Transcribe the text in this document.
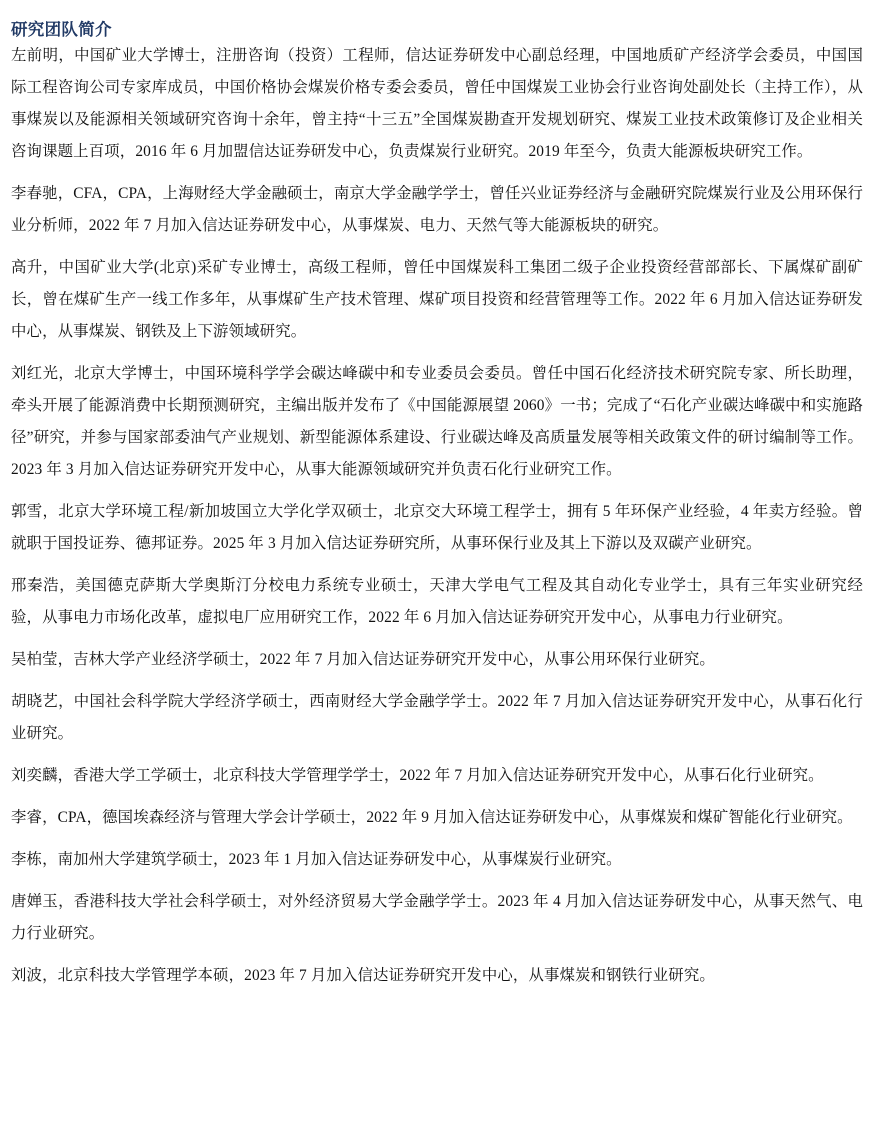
研究团队简介

左前明，中国矿业大学博士，注册咨询（投资）工程师，信达证券研发中心副总经理，中国地质矿产经济学会委员，中国国际工程咨询公司专家库成员，中国价格协会煤炭价格专委会委员，曾任中国煤炭工业协会行业咨询处副处长（主持工作），从事煤炭以及能源相关领域研究咨询十余年，曾主持“十三五”全国煤炭勘查开发规划研究、煤炭工业技术政策修订及企业相关咨询课题上百项，2016 年 6 月加盟信达证券研发中心，负责煤炭行业研究。2019 年至今，负责大能源板块研究工作。

李春驰，CFA，CPA，上海财经大学金融硕士，南京大学金融学学士，曾任兴业证券经济与金融研究院煤炭行业及公用环保行业分析师，2022 年 7 月加入信达证券研发中心，从事煤炭、电力、天然气等大能源板块的研究。

高升，中国矿业大学(北京)采矿专业博士，高级工程师，曾任中国煤炭科工集团二级子企业投资经营部部长、下属煤矿副矿长，曾在煤矿生产一线工作多年，从事煤矿生产技术管理、煤矿项目投资和经营管理等工作。2022 年 6 月加入信达证券研发中心，从事煤炭、钢铁及上下游领域研究。

刘红光，北京大学博士，中国环境科学学会碳达峰碳中和专业委员会委员。曾任中国石化经济技术研究院专家、所长助理，牵头开展了能源消费中长期预测研究，主编出版并发布了《中国能源展望 2060》一书；完成了“石化产业碳达峰碳中和实施路径”研究，并参与国家部委油气产业规划、新型能源体系建设、行业碳达峰及高质量发展等相关政策文件的研讨编制等工作。2023 年 3 月加入信达证券研究开发中心，从事大能源领域研究并负责石化行业研究工作。

郭雪，北京大学环境工程/新加坡国立大学化学双硕士，北京交大环境工程学士，拥有 5 年环保产业经验，4 年卖方经验。曾就职于国投证券、德邦证券。2025 年 3 月加入信达证券研究所，从事环保行业及其上下游以及双碳产业研究。

邢秦浩，美国德克萨斯大学奥斯汀分校电力系统专业硕士，天津大学电气工程及其自动化专业学士，具有三年实业研究经验，从事电力市场化改革，虚拟电厂应用研究工作，2022 年 6 月加入信达证券研究开发中心，从事电力行业研究。

吴柏莹，吉林大学产业经济学硕士，2022 年 7 月加入信达证券研究开发中心，从事公用环保行业研究。

胡晓艺，中国社会科学院大学经济学硕士，西南财经大学金融学学士。2022 年 7 月加入信达证券研究开发中心，从事石化行业研究。

刘奕麟，香港大学工学硕士，北京科技大学管理学学士，2022 年 7 月加入信达证券研究开发中心，从事石化行业研究。

李睿，CPA，德国埃森经济与管理大学会计学硕士，2022 年 9 月加入信达证券研发中心，从事煤炭和煤矿智能化行业研究。

李栋，南加州大学建筑学硕士，2023 年 1 月加入信达证券研发中心，从事煤炭行业研究。

唐婵玉，香港科技大学社会科学硕士，对外经济贸易大学金融学学士。2023 年 4 月加入信达证券研发中心，从事天然气、电力行业研究。

刘波，北京科技大学管理学本硕，2023 年 7 月加入信达证券研究开发中心，从事煤炭和钢铁行业研究。
